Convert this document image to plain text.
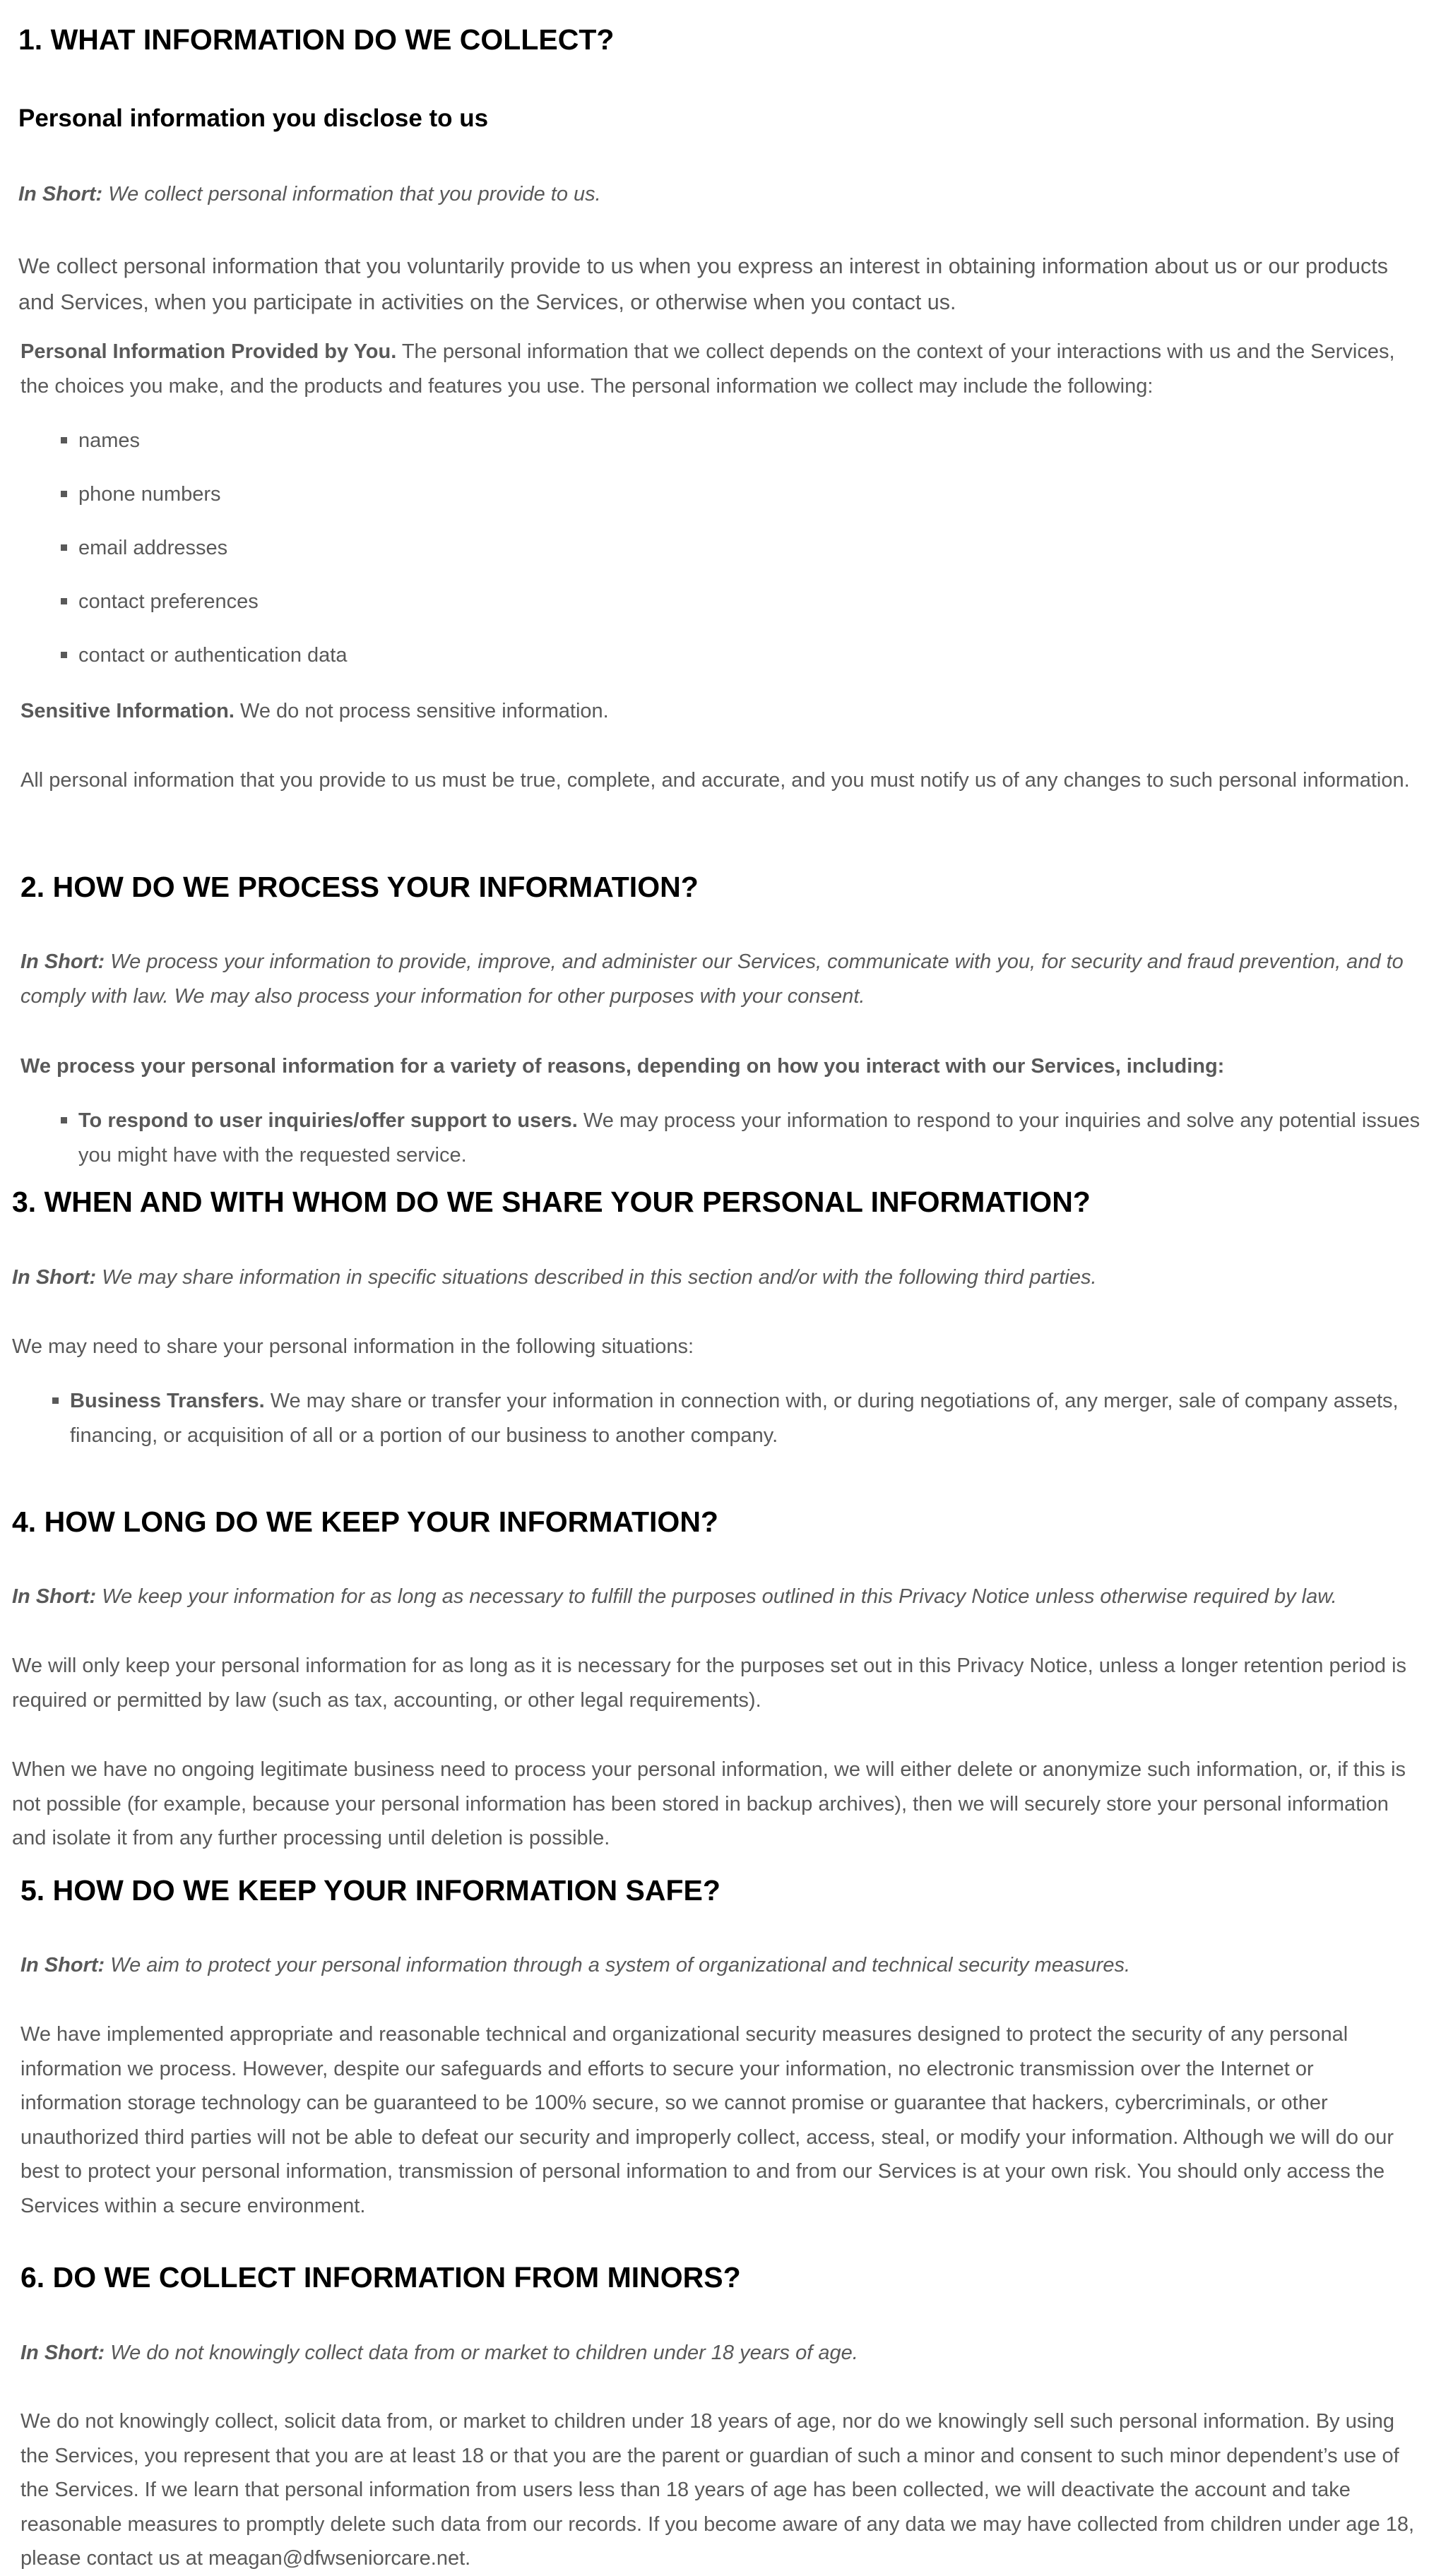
1. WHAT INFORMATION DO WE COLLECT?
Personal information you disclose to us
In Short: We collect personal information that you provide to us.
We collect personal information that you voluntarily provide to us when you express an interest in obtaining information about us or our products and Services, when you participate in activities on the Services, or otherwise when you contact us.
Personal Information Provided by You. The personal information that we collect depends on the context of your interactions with us and the Services, the choices you make, and the products and features you use. The personal information we collect may include the following:
names
phone numbers
email addresses
contact preferences
contact or authentication data
Sensitive Information. We do not process sensitive information.
All personal information that you provide to us must be true, complete, and accurate, and you must notify us of any changes to such personal information.
2. HOW DO WE PROCESS YOUR INFORMATION?
In Short: We process your information to provide, improve, and administer our Services, communicate with you, for security and fraud prevention, and to comply with law. We may also process your information for other purposes with your consent.
We process your personal information for a variety of reasons, depending on how you interact with our Services, including:
To respond to user inquiries/offer support to users. We may process your information to respond to your inquiries and solve any potential issues you might have with the requested service.
3. WHEN AND WITH WHOM DO WE SHARE YOUR PERSONAL INFORMATION?
In Short: We may share information in specific situations described in this section and/or with the following third parties.
We may need to share your personal information in the following situations:
Business Transfers. We may share or transfer your information in connection with, or during negotiations of, any merger, sale of company assets, financing, or acquisition of all or a portion of our business to another company.
4. HOW LONG DO WE KEEP YOUR INFORMATION?
In Short: We keep your information for as long as necessary to fulfill the purposes outlined in this Privacy Notice unless otherwise required by law.
We will only keep your personal information for as long as it is necessary for the purposes set out in this Privacy Notice, unless a longer retention period is required or permitted by law (such as tax, accounting, or other legal requirements).
When we have no ongoing legitimate business need to process your personal information, we will either delete or anonymize such information, or, if this is not possible (for example, because your personal information has been stored in backup archives), then we will securely store your personal information and isolate it from any further processing until deletion is possible.
5. HOW DO WE KEEP YOUR INFORMATION SAFE?
In Short: We aim to protect your personal information through a system of organizational and technical security measures.
We have implemented appropriate and reasonable technical and organizational security measures designed to protect the security of any personal information we process. However, despite our safeguards and efforts to secure your information, no electronic transmission over the Internet or information storage technology can be guaranteed to be 100% secure, so we cannot promise or guarantee that hackers, cybercriminals, or other unauthorized third parties will not be able to defeat our security and improperly collect, access, steal, or modify your information. Although we will do our best to protect your personal information, transmission of personal information to and from our Services is at your own risk. You should only access the Services within a secure environment.
6. DO WE COLLECT INFORMATION FROM MINORS?
In Short: We do not knowingly collect data from or market to children under 18 years of age.
We do not knowingly collect, solicit data from, or market to children under 18 years of age, nor do we knowingly sell such personal information. By using the Services, you represent that you are at least 18 or that you are the parent or guardian of such a minor and consent to such minor dependent’s use of the Services. If we learn that personal information from users less than 18 years of age has been collected, we will deactivate the account and take reasonable measures to promptly delete such data from our records. If you become aware of any data we may have collected from children under age 18, please contact us at meagan@dfwseniorcare.net.
